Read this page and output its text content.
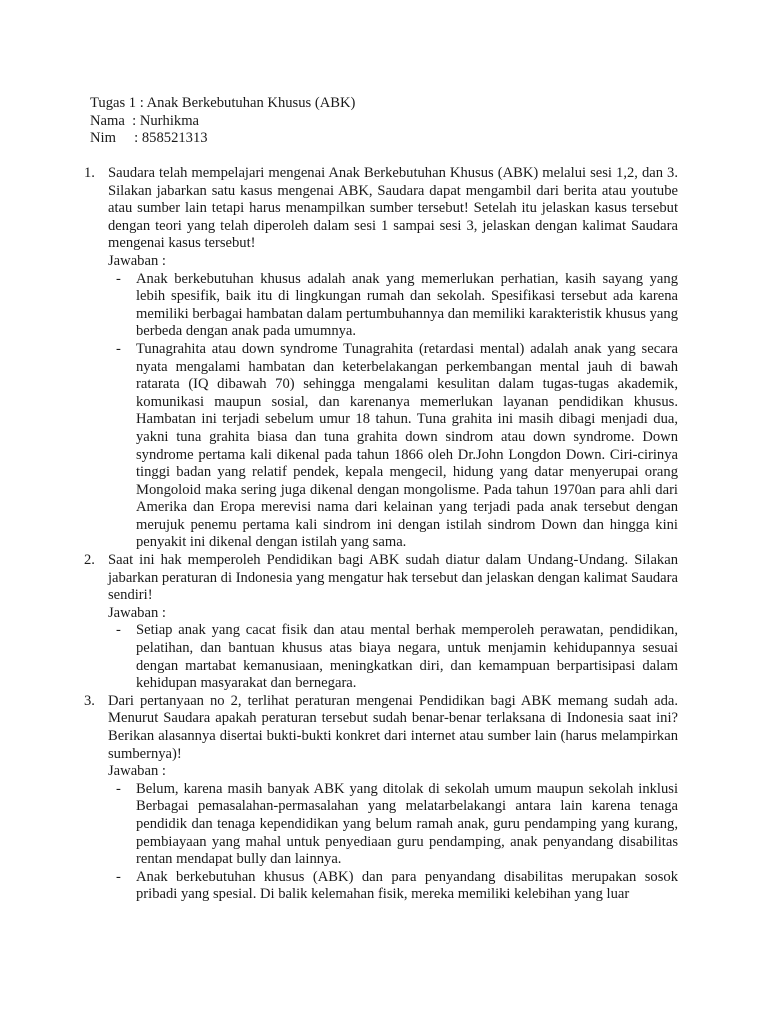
Tugas 1 : Anak Berkebutuhan Khusus (ABK)
Nama  : Nurhikma
Nim     : 858521313
1. Saudara telah mempelajari mengenai Anak Berkebutuhan Khusus (ABK) melalui sesi 1,2, dan 3. Silakan jabarkan satu kasus mengenai ABK, Saudara dapat mengambil dari berita atau youtube atau sumber lain tetapi harus menampilkan sumber tersebut! Setelah itu jelaskan kasus tersebut dengan teori yang telah diperoleh dalam sesi 1 sampai sesi 3, jelaskan dengan kalimat Saudara mengenai kasus tersebut!
Jawaban :
- Anak berkebutuhan khusus adalah anak yang memerlukan perhatian, kasih sayang yang lebih spesifik, baik itu di lingkungan rumah dan sekolah. Spesifikasi tersebut ada karena memiliki berbagai hambatan dalam pertumbuhannya dan memiliki karakteristik khusus yang berbeda dengan anak pada umumnya.
- Tunagrahita atau down syndrome Tunagrahita (retardasi mental) adalah anak yang secara nyata mengalami hambatan dan keterbelakangan perkembangan mental jauh di bawah ratarata (IQ dibawah 70) sehingga mengalami kesulitan dalam tugas-tugas akademik, komunikasi maupun sosial, dan karenanya memerlukan layanan pendidikan khusus. Hambatan ini terjadi sebelum umur 18 tahun. Tuna grahita ini masih dibagi menjadi dua, yakni tuna grahita biasa dan tuna grahita down sindrom atau down syndrome. Down syndrome pertama kali dikenal pada tahun 1866 oleh Dr.John Longdon Down. Ciri-cirinya tinggi badan yang relatif pendek, kepala mengecil, hidung yang datar menyerupai orang Mongoloid maka sering juga dikenal dengan mongolisme. Pada tahun 1970an para ahli dari Amerika dan Eropa merevisi nama dari kelainan yang terjadi pada anak tersebut dengan merujuk penemu pertama kali sindrom ini dengan istilah sindrom Down dan hingga kini penyakit ini dikenal dengan istilah yang sama.
2. Saat ini hak memperoleh Pendidikan bagi ABK sudah diatur dalam Undang-Undang. Silakan jabarkan peraturan di Indonesia yang mengatur hak tersebut dan jelaskan dengan kalimat Saudara sendiri!
Jawaban :
- Setiap anak yang cacat fisik dan atau mental berhak memperoleh perawatan, pendidikan, pelatihan, dan bantuan khusus atas biaya negara, untuk menjamin kehidupannya sesuai dengan martabat kemanusiaan, meningkatkan diri, dan kemampuan berpartisipasi dalam kehidupan masyarakat dan bernegara.
3. Dari pertanyaan no 2, terlihat peraturan mengenai Pendidikan bagi ABK memang sudah ada. Menurut Saudara apakah peraturan tersebut sudah benar-benar terlaksana di Indonesia saat ini? Berikan alasannya disertai bukti-bukti konkret dari internet atau sumber lain (harus melampirkan sumbernya)!
Jawaban :
- Belum, karena masih banyak ABK yang ditolak di sekolah umum maupun sekolah inklusi Berbagai pemasalahan-permasalahan yang melatarbelakangi antara lain karena tenaga pendidik dan tenaga kependidikan yang belum ramah anak, guru pendamping yang kurang, pembiayaan yang mahal untuk penyediaan guru pendamping, anak penyandang disabilitas rentan mendapat bully dan lainnya.
- Anak berkebutuhan khusus (ABK) dan para penyandang disabilitas merupakan sosok pribadi yang spesial. Di balik kelemahan fisik, mereka memiliki kelebihan yang luar
